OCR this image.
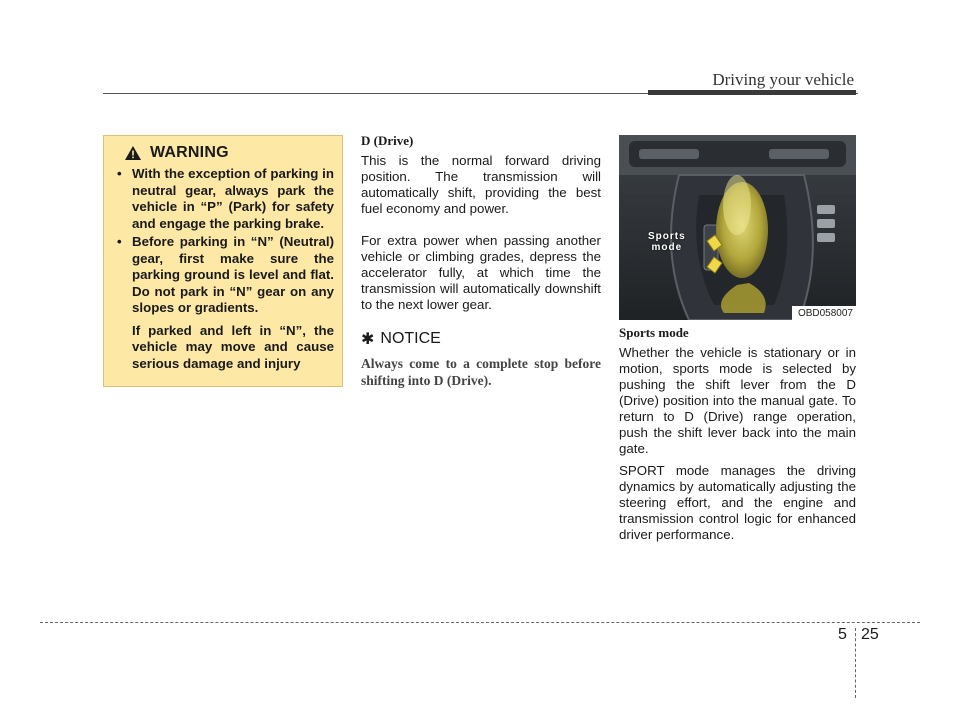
Driving your vehicle
WARNING
• With the exception of parking in neutral gear, always park the vehicle in “P” (Park) for safety and engage the parking brake.
• Before parking in “N” (Neutral) gear, first make sure the parking ground is level and flat. Do not park in “N” gear on any slopes or gradients.
If parked and left in “N”, the vehicle may move and cause serious damage and injury
D (Drive)

This is the normal forward driving position. The transmission will automatically shift, providing the best fuel economy and power.

For extra power when passing another vehicle or climbing grades, depress the accelerator fully, at which time the transmission will automatically downshift to the next lower gear.

✱ NOTICE
Always come to a complete stop before shifting into D (Drive).
Sports
mode
OBD058007
Sports mode

Whether the vehicle is stationary or in motion, sports mode is selected by pushing the shift lever from the D (Drive) position into the manual gate. To return to D (Drive) range operation, push the shift lever back into the main gate.

SPORT mode manages the driving dynamics by automatically adjusting the steering effort, and the engine and transmission control logic for enhanced driver performance.

5 25
